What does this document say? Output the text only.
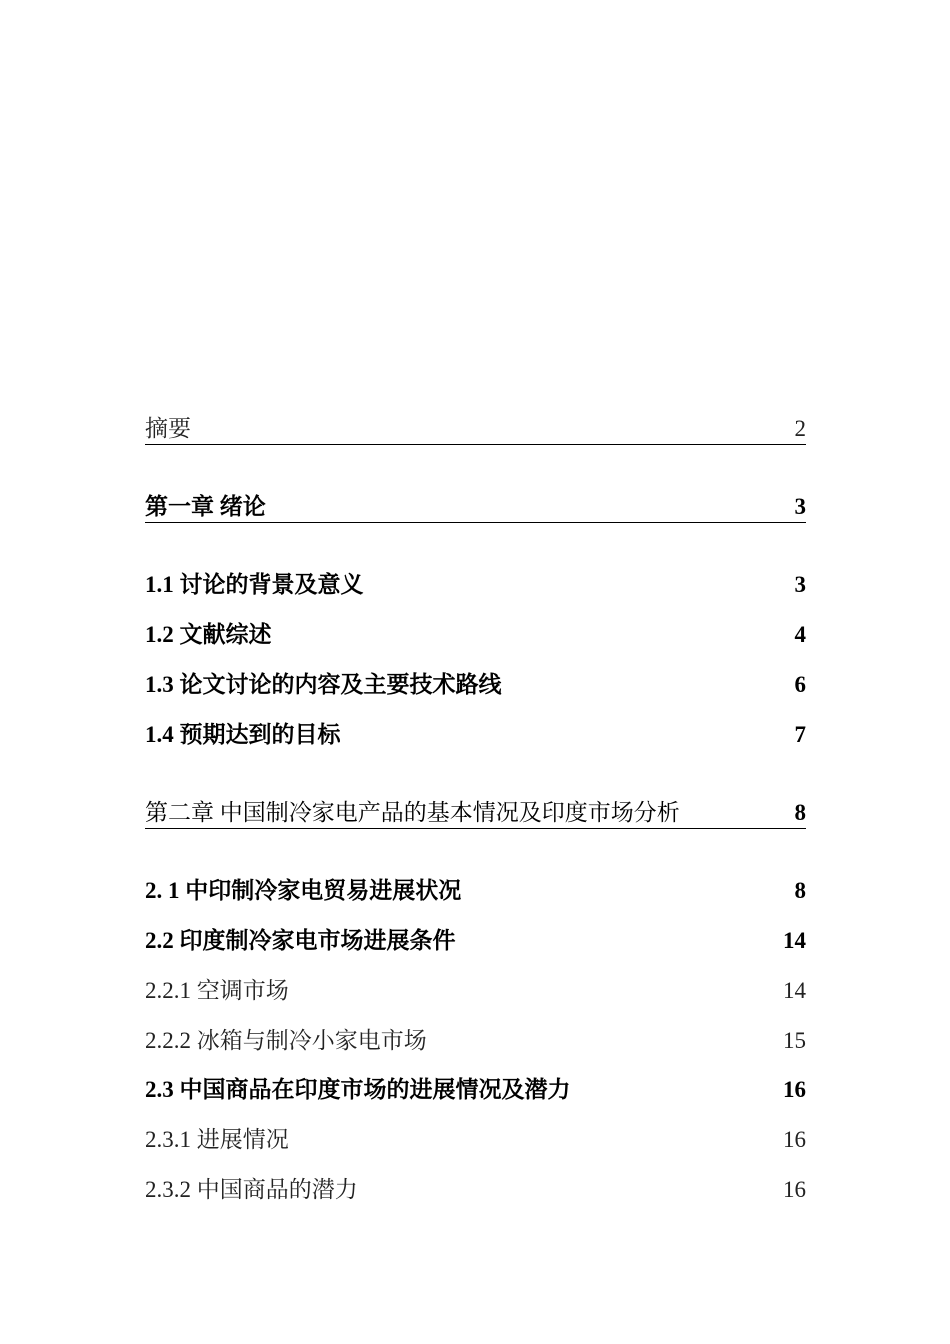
摘要	2
第一章 绪论	3
1.1 讨论的背景及意义	3
1.2 文献综述	4
1.3 论文讨论的内容及主要技术路线	6
1.4 预期达到的目标	7
第二章 中国制冷家电产品的基本情况及印度市场分析	8
2. 1 中印制冷家电贸易进展状况	8
2.2 印度制冷家电市场进展条件	14
2.2.1 空调市场	14
2.2.2 冰箱与制冷小家电市场	15
2.3 中国商品在印度市场的进展情况及潜力	16
2.3.1 进展情况	16
2.3.2 中国商品的潜力	16
